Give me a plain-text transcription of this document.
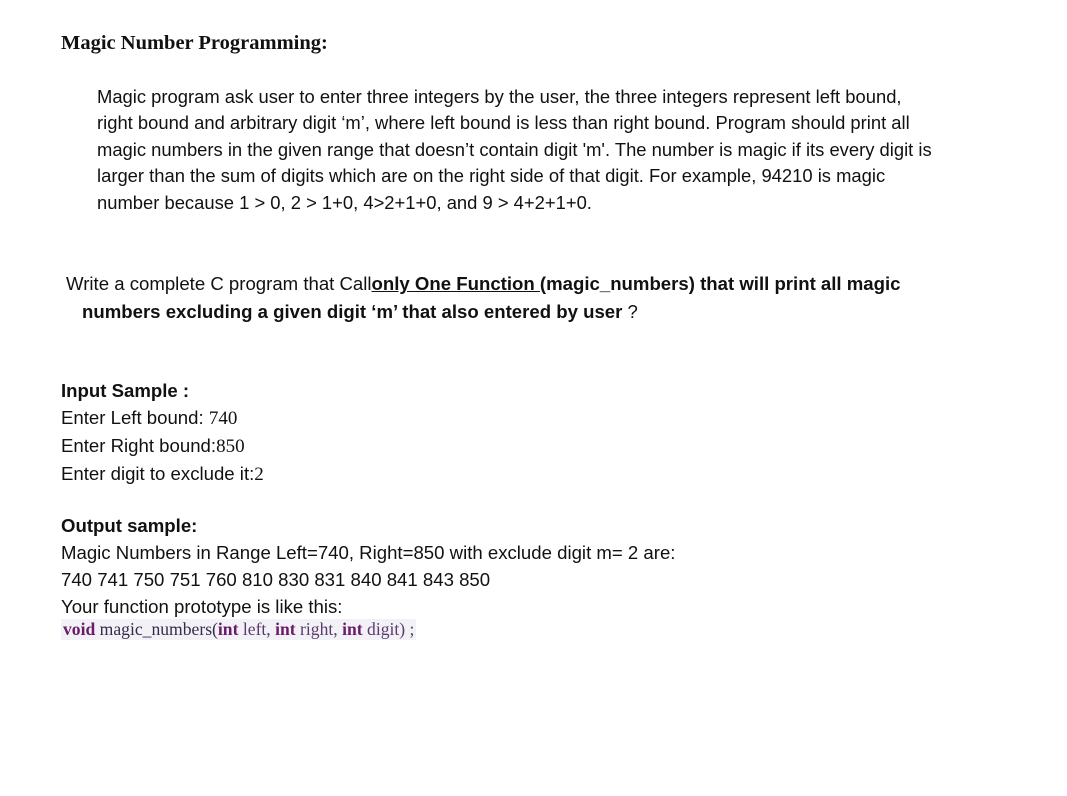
Magic Number Programming:
Magic program ask user to enter three integers by the user, the three integers represent left bound,
right bound and arbitrary digit ‘m’, where left bound is less than right bound. Program should print all
magic numbers in the given range that doesn’t contain digit 'm'. The number is magic if its every digit is
larger than the sum of digits which are on the right side of that digit. For example, 94210 is magic
number because 1 > 0, 2 > 1+0, 4>2+1+0, and 9 > 4+2+1+0.
Write a complete C program that Callonly One Function (magic_numbers) that will print all magic
numbers excluding a given digit ‘m’ that also entered by user ?
Input Sample :
Enter Left bound: 740
Enter Right bound:850
Enter digit to exclude it:2
Output sample:
Magic Numbers in Range Left=740, Right=850 with exclude digit m= 2 are:
740 741 750 751 760 810 830 831 840 841 843 850
Your function prototype is like this:
void magic_numbers(int left, int right, int digit) ;
